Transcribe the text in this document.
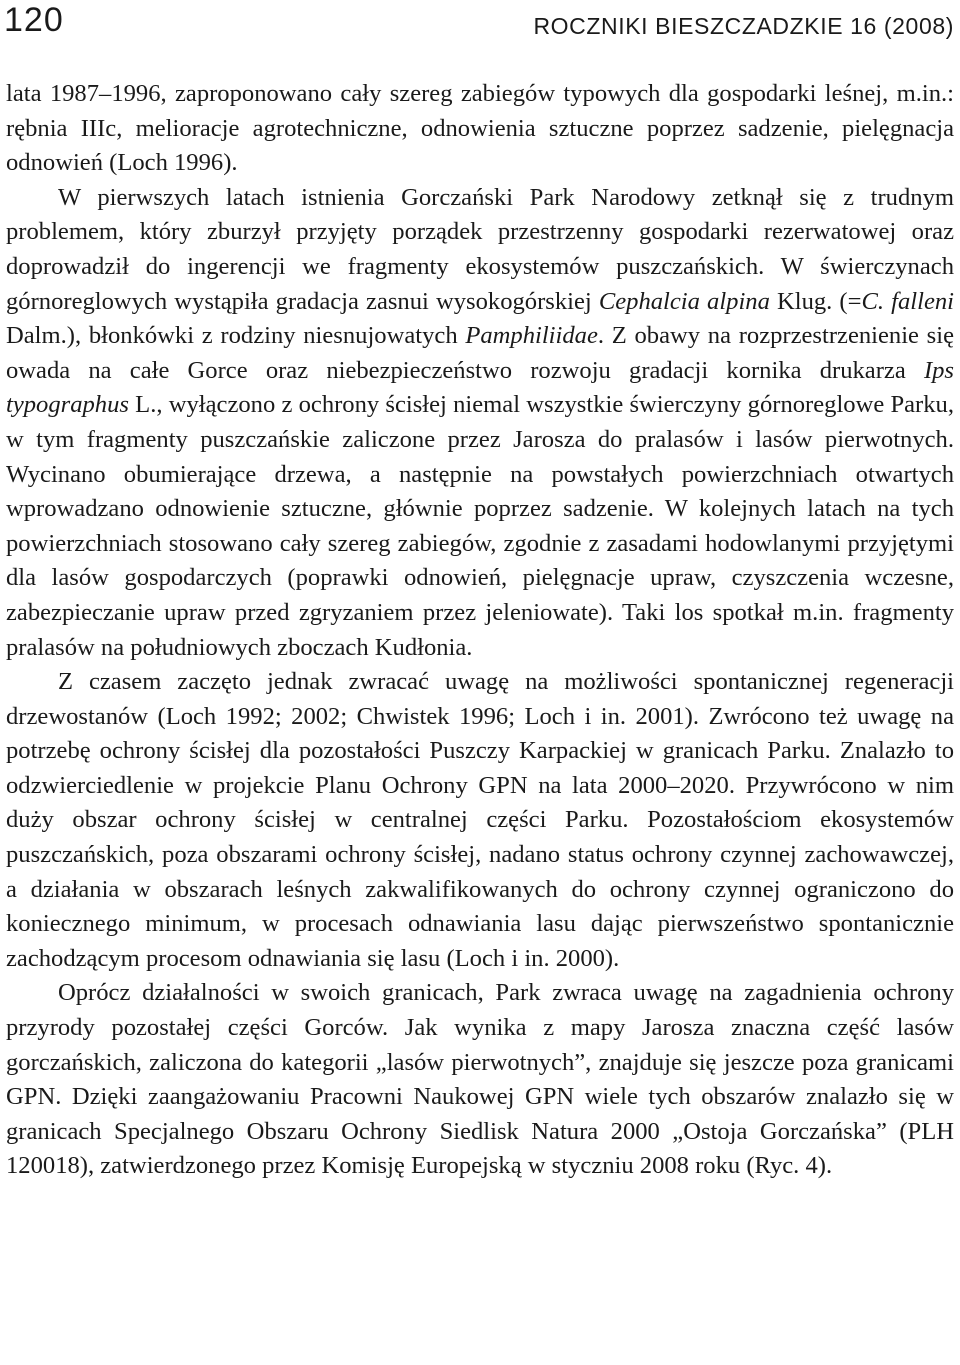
120	ROCZNIKI BIESZCZADZKIE 16 (2008)

lata 1987–1996, zaproponowano cały szereg zabiegów typowych dla gospodarki leśnej, m.in.: rębnia IIIc, melioracje agrotechniczne, odnowienia sztuczne poprzez sadzenie, pielęgnacja odnowień (Loch 1996).

W pierwszych latach istnienia Gorczański Park Narodowy zetknął się z trudnym problemem, który zburzył przyjęty porządek przestrzenny gospodarki rezerwatowej oraz doprowadził do ingerencji we fragmenty ekosystemów puszczańskich. W świerczynach górnoreglowych wystąpiła gradacja zasnui wysokogórskiej Cephalcia alpina Klug. (=C. falleni Dalm.), błonkówki z rodziny niesnujowatych Pamphiliidae. Z obawy na rozprzestrzenienie się owada na całe Gorce oraz niebezpieczeństwo rozwoju gradacji kornika drukarza Ips typographus L., wyłączono z ochrony ścisłej niemal wszystkie świerczyny górnoreglowe Parku, w tym fragmenty puszczańskie zaliczone przez Jarosza do pralasów i lasów pierwotnych. Wycinano obumierające drzewa, a następnie na powstałych powierzchniach otwartych wprowadzano odnowienie sztuczne, głównie poprzez sadzenie. W kolejnych latach na tych powierzchniach stosowano cały szereg zabiegów, zgodnie z zasadami hodowlanymi przyjętymi dla lasów gospodarczych (poprawki odnowień, pielęgnacje upraw, czyszczenia wczesne, zabezpieczanie upraw przed zgryzaniem przez jeleniowate). Taki los spotkał m.in. fragmenty pralasów na południowych zboczach Kudłonia.

Z czasem zaczęto jednak zwracać uwagę na możliwości spontanicznej regeneracji drzewostanów (Loch 1992; 2002; Chwistek 1996; Loch i in. 2001). Zwrócono też uwagę na potrzebę ochrony ścisłej dla pozostałości Puszczy Karpackiej w granicach Parku. Znalazło to odzwierciedlenie w projekcie Planu Ochrony GPN na lata 2000–2020. Przywrócono w nim duży obszar ochrony ścisłej w centralnej części Parku. Pozostałościom ekosystemów puszczańskich, poza obszarami ochrony ścisłej, nadano status ochrony czynnej zachowawczej, a działania w obszarach leśnych zakwalifikowanych do ochrony czynnej ograniczono do koniecznego minimum, w procesach odnawiania lasu dając pierwszeństwo spontanicznie zachodzącym procesom odnawiania się lasu (Loch i in. 2000).

Oprócz działalności w swoich granicach, Park zwraca uwagę na zagadnienia ochrony przyrody pozostałej części Gorców. Jak wynika z mapy Jarosza znaczna część lasów gorczańskich, zaliczona do kategorii „lasów pierwotnych”, znajduje się jeszcze poza granicami GPN. Dzięki zaangażowaniu Pracowni Naukowej GPN wiele tych obszarów znalazło się w granicach Specjalnego Obszaru Ochrony Siedlisk Natura 2000 „Ostoja Gorczańska” (PLH 120018), zatwierdzonego przez Komisję Europejską w styczniu 2008 roku (Ryc. 4).
